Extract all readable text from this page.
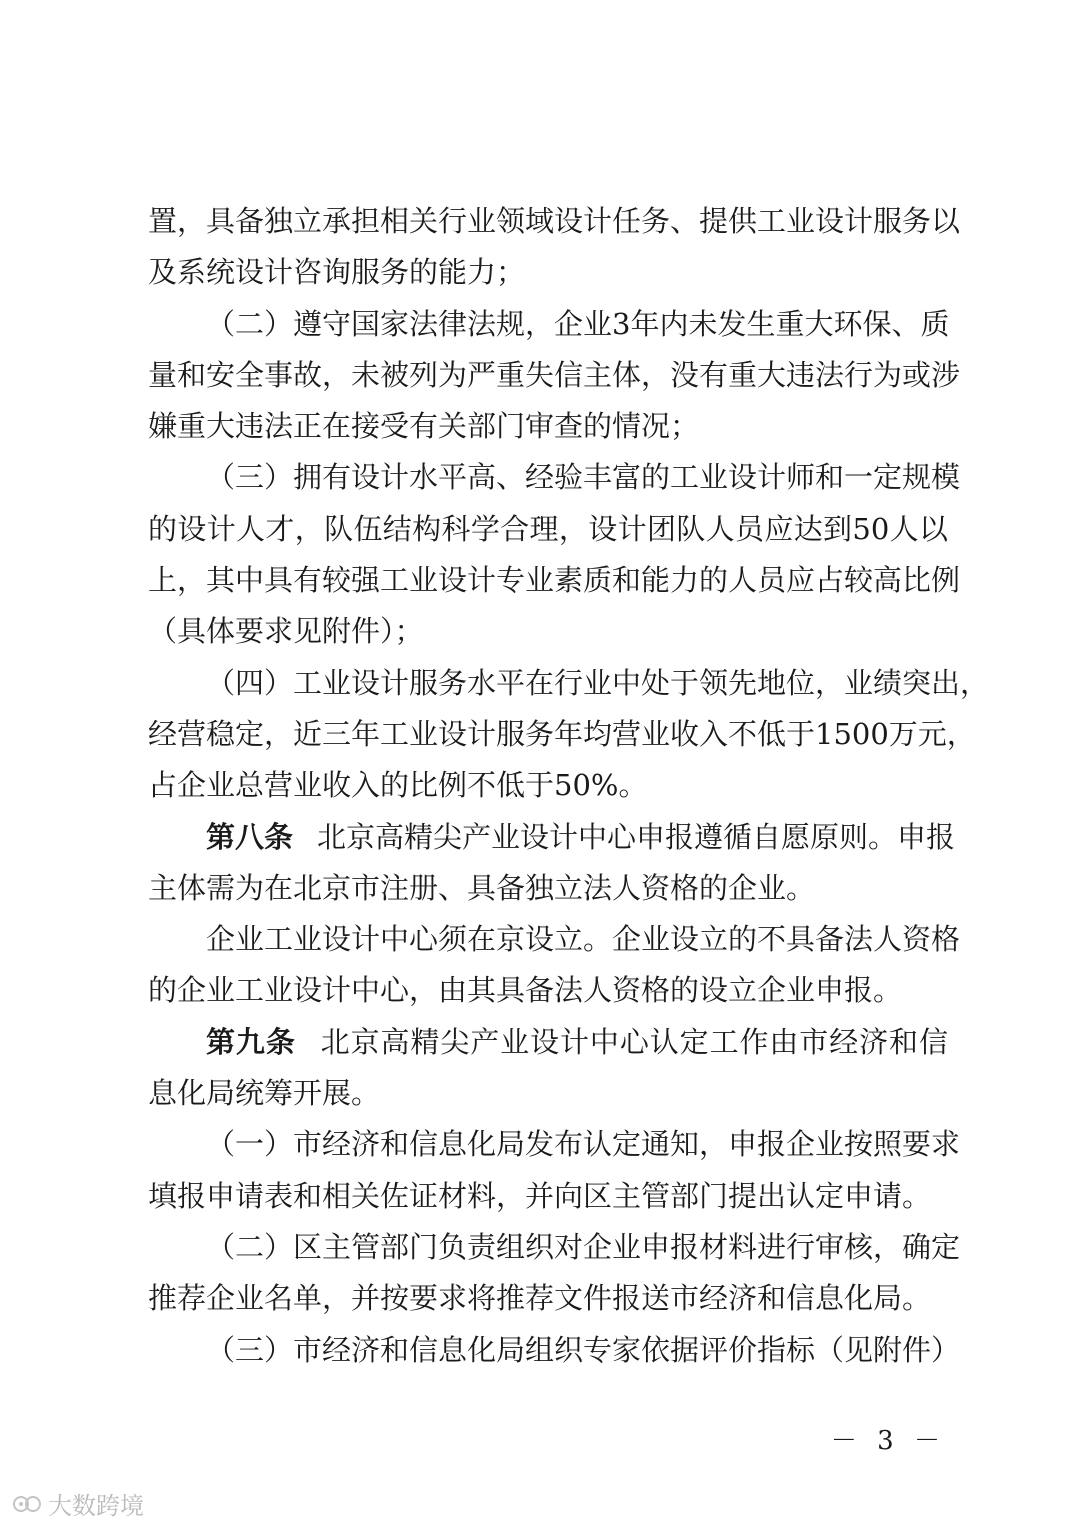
置，具备独立承担相关行业领域设计任务、提供工业设计服务以
及系统设计咨询服务的能力；
（二）遵守国家法律法规，企业3年内未发生重大环保、质
量和安全事故，未被列为严重失信主体，没有重大违法行为或涉
嫌重大违法正在接受有关部门审查的情况；
（三）拥有设计水平高、经验丰富的工业设计师和一定规模
的设计人才，队伍结构科学合理，设计团队人员应达到50人以
上，其中具有较强工业设计专业素质和能力的人员应占较高比例
（具体要求见附件）；
（四）工业设计服务水平在行业中处于领先地位，业绩突出，
经营稳定，近三年工业设计服务年均营业收入不低于1500万元，
占企业总营业收入的比例不低于50%。
第八条 北京高精尖产业设计中心申报遵循自愿原则。申报
主体需为在北京市注册、具备独立法人资格的企业。
企业工业设计中心须在京设立。企业设立的不具备法人资格
的企业工业设计中心，由其具备法人资格的设立企业申报。
第九条 北京高精尖产业设计中心认定工作由市经济和信
息化局统筹开展。
（一）市经济和信息化局发布认定通知，申报企业按照要求
填报申请表和相关佐证材料，并向区主管部门提出认定申请。
（二）区主管部门负责组织对企业申报材料进行审核，确定
推荐企业名单，并按要求将推荐文件报送市经济和信息化局。
（三）市经济和信息化局组织专家依据评价指标（见附件）
－ 3 －
大数跨境
